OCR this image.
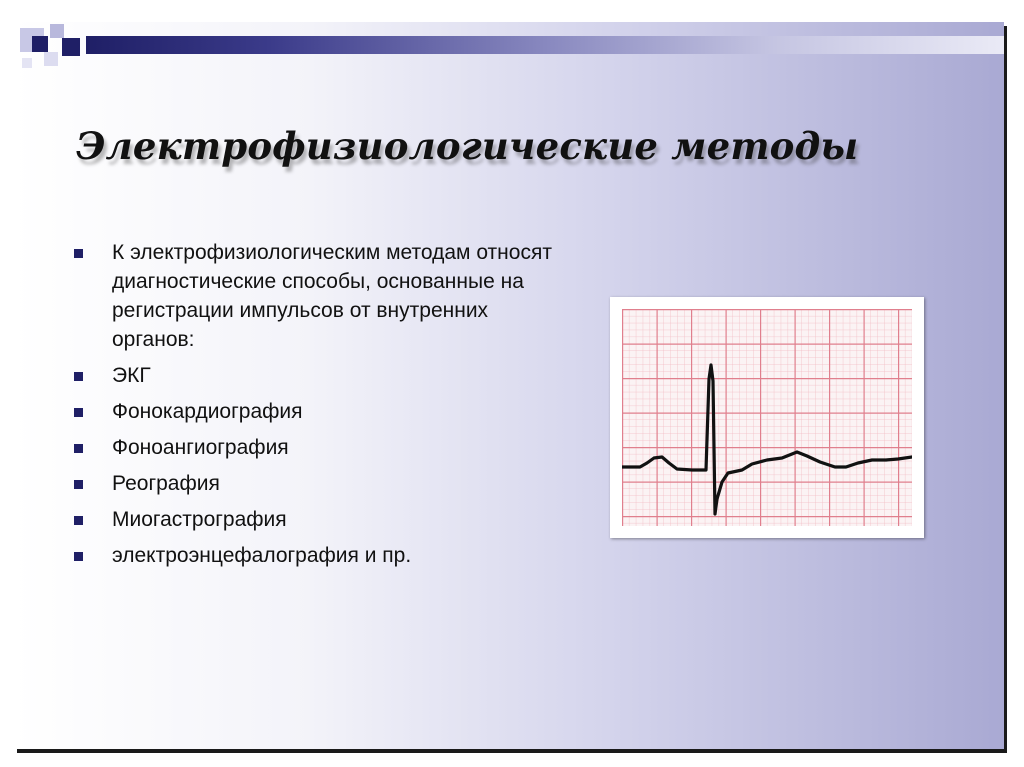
Электрофизиологические методы
К электрофизиологическим методам относят диагностические способы, основанные на регистрации импульсов от внутренних органов:
ЭКГ
Фонокардиография
Фоноангиография
Реография
Миогастрография
электроэнцефалография и пр.
